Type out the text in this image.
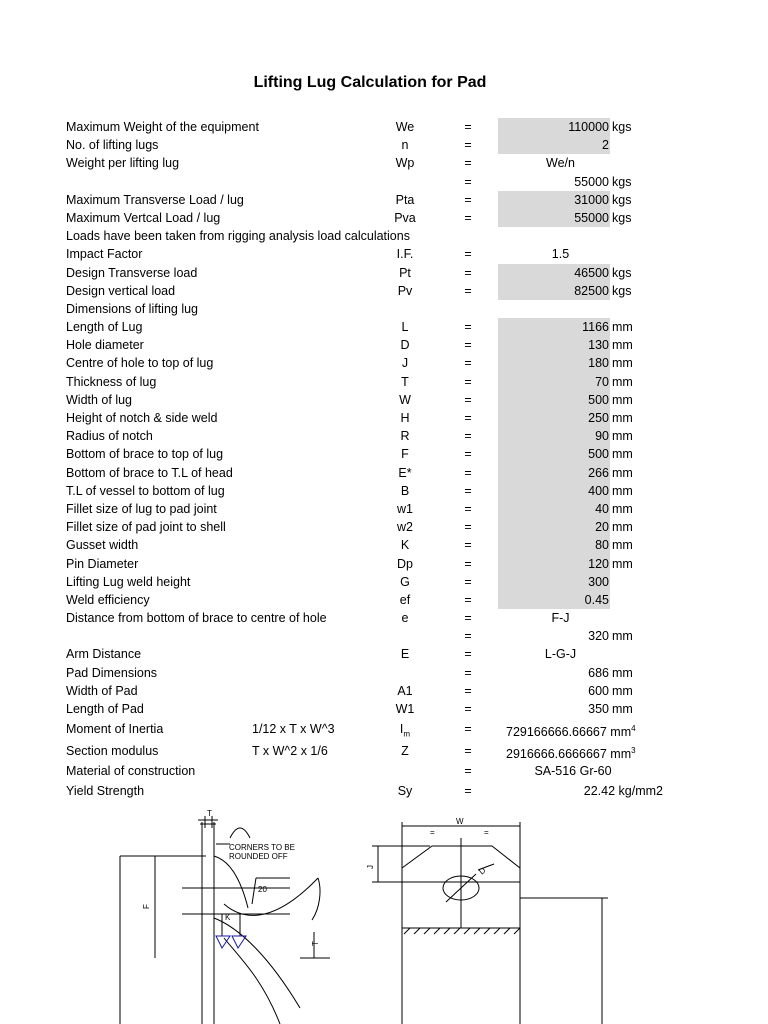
Lifting Lug Calculation for Pad
Maximum Weight of the equipment	We	=	110000 kgs
No. of lifting lugs	n	=	2
Weight per lifting lug	Wp	=	We/n
=	55000 kgs
Maximum Transverse Load / lug	Pta	=	31000 kgs
Maximum Vertcal Load / lug	Pva	=	55000 kgs
Loads have been taken from rigging analysis load calculations
Impact Factor	I.F.	=	1.5
Design Transverse load	Pt	=	46500 kgs
Design vertical load	Pv	=	82500 kgs
Dimensions of lifting lug
Length of Lug	L	=	1166 mm
Hole diameter	D	=	130 mm
Centre of hole to top of lug	J	=	180 mm
Thickness of lug	T	=	70 mm
Width of lug	W	=	500 mm
Height of notch & side weld	H	=	250 mm
Radius of notch	R	=	90 mm
Bottom of brace to top of lug	F	=	500 mm
Bottom of brace to T.L of head	E*	=	266 mm
T.L of vessel to bottom of lug	B	=	400 mm
Fillet size of lug to pad joint	w1	=	40 mm
Fillet size of pad joint to shell	w2	=	20 mm
Gusset width	K	=	80 mm
Pin Diameter	Dp	=	120 mm
Lifting Lug weld height	G	=	300
Weld efficiency	ef	=	0.45
Distance from bottom of brace to centre of hole	e	=	F-J
=	320 mm
Arm Distance	E	=	L-G-J
Pad Dimensions	=	686 mm
Width of Pad	A1	=	600 mm
Length of Pad	W1	=	350 mm
Moment of Inertia	1/12 x T x W^3	$I_m$	=	729166666.66667 $mm^4$
Section modulus	T x W^2 x 1/6	Z	=	2916666.6666667 $mm^3$
Material of construction	=	SA-516 Gr-60
Yield Strength	Sy	=	22.42 kg/mm2
T
CORNERS TO BE
ROUNDED OFF
20
F
K
T
W
=	=
J	D
